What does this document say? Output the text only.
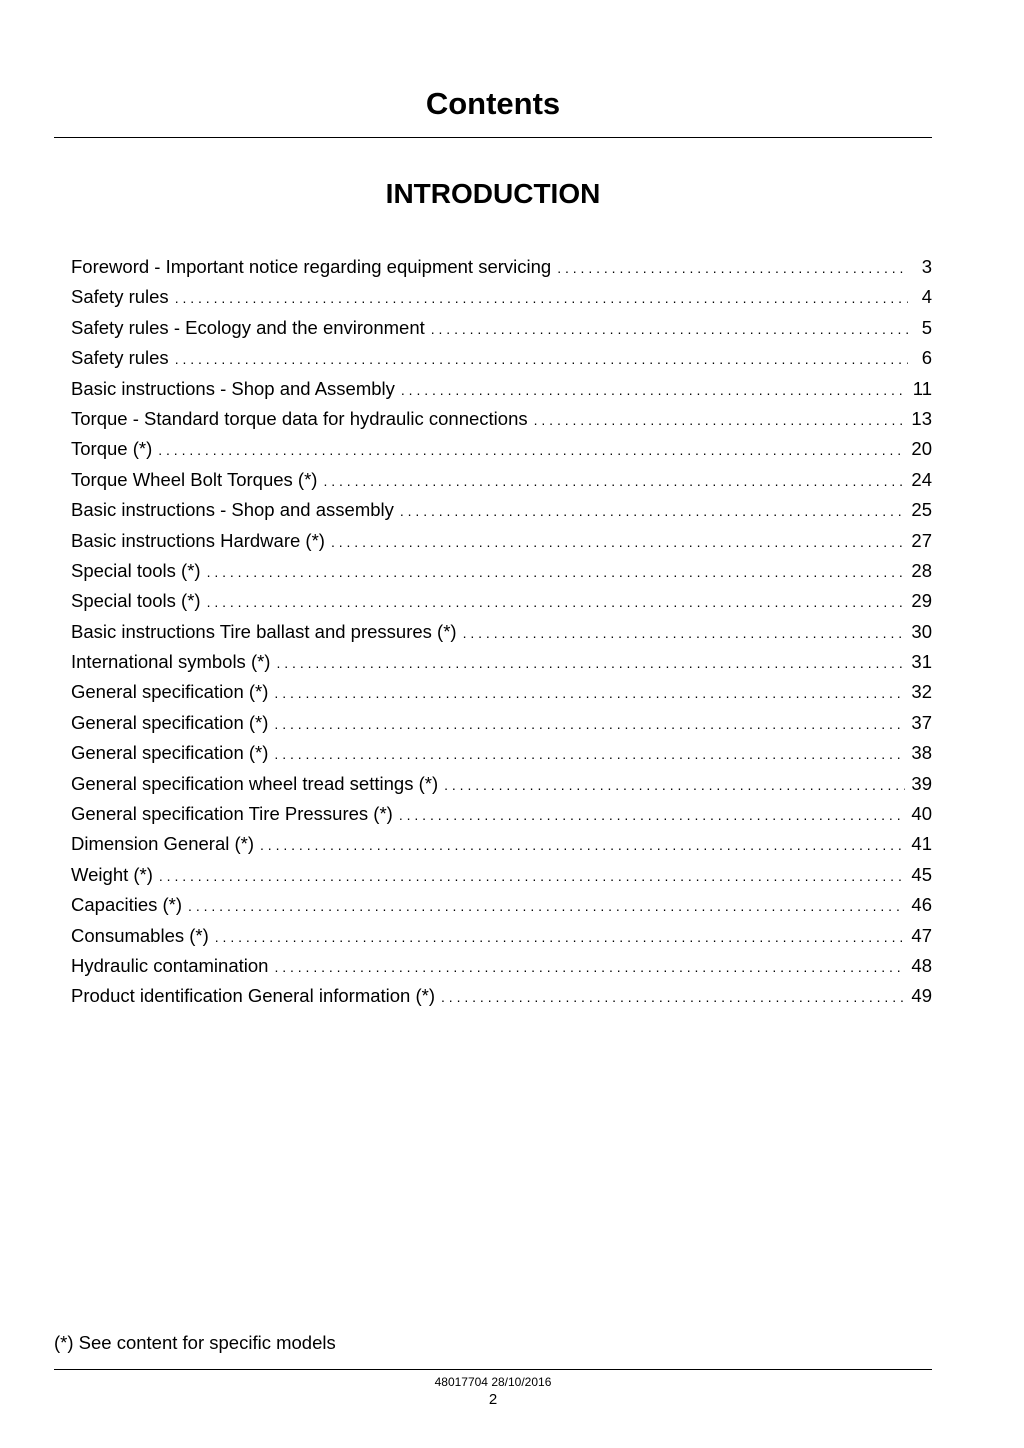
Contents
INTRODUCTION
Foreword - Important notice regarding equipment servicing . . .	3
Safety rules . . .	4
Safety rules - Ecology and the environment . . .	5
Safety rules . . .	6
Basic instructions - Shop and Assembly . . .	11
Torque - Standard torque data for hydraulic connections . . .	13
Torque (*) . . .	20
Torque Wheel Bolt Torques (*) . . .	24
Basic instructions - Shop and assembly . . .	25
Basic instructions Hardware (*) . . .	27
Special tools (*) . . .	28
Special tools (*) . . .	29
Basic instructions Tire ballast and pressures (*) . . .	30
International symbols (*) . . .	31
General specification (*) . . .	32
General specification (*) . . .	37
General specification (*) . . .	38
General specification wheel tread settings (*) . . .	39
General specification Tire Pressures (*) . . .	40
Dimension General (*) . . .	41
Weight (*) . . .	45
Capacities (*) . . .	46
Consumables (*) . . .	47
Hydraulic contamination . . .	48
Product identification General information (*) . . .	49

(*) See content for specific models

48017704 28/10/2016
2
